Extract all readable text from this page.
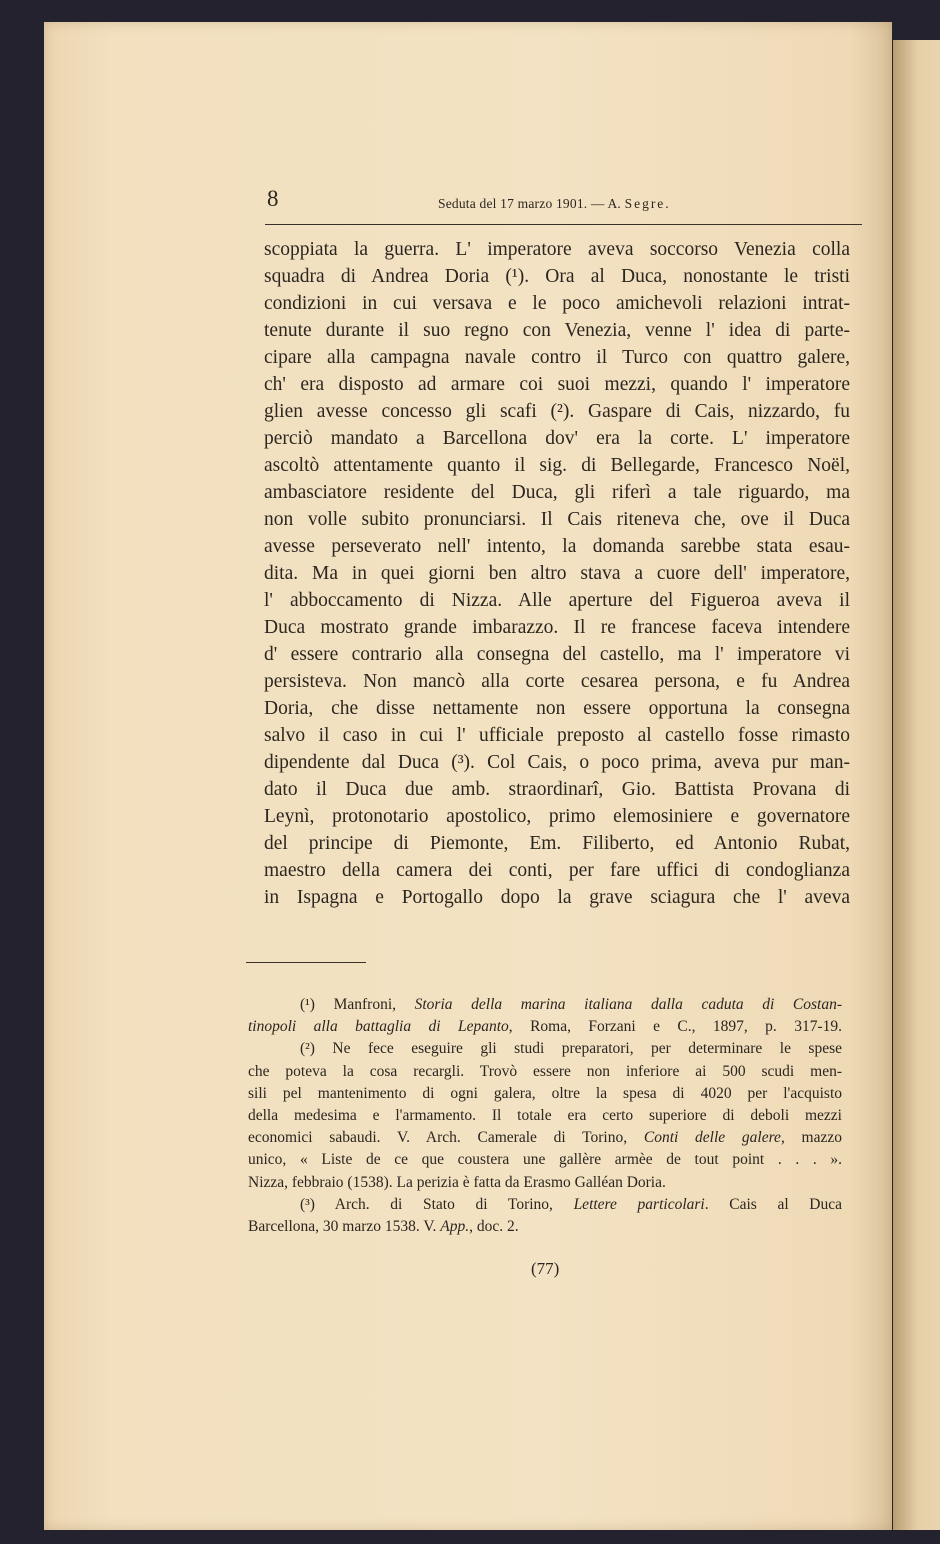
8	Seduta del 17 marzo 1901. — A. Segre.
scoppiata la guerra. L' imperatore aveva soccorso Venezia colla
squadra di Andrea Doria (¹). Ora al Duca, nonostante le tristi
condizioni in cui versava e le poco amichevoli relazioni intrat-
tenute durante il suo regno con Venezia, venne l' idea di parte-
cipare alla campagna navale contro il Turco con quattro galere,
ch' era disposto ad armare coi suoi mezzi, quando l' imperatore
glien avesse concesso gli scafi (²). Gaspare di Cais, nizzardo, fu
perciò mandato a Barcellona dov' era la corte. L' imperatore
ascoltò attentamente quanto il sig. di Bellegarde, Francesco Noël,
ambasciatore residente del Duca, gli riferì a tale riguardo, ma
non volle subito pronunciarsi. Il Cais riteneva che, ove il Duca
avesse perseverato nell' intento, la domanda sarebbe stata esau-
dita. Ma in quei giorni ben altro stava a cuore dell' imperatore,
l' abboccamento di Nizza. Alle aperture del Figueroa aveva il
Duca mostrato grande imbarazzo. Il re francese faceva intendere
d' essere contrario alla consegna del castello, ma l' imperatore vi
persisteva. Non mancò alla corte cesarea persona, e fu Andrea
Doria, che disse nettamente non essere opportuna la consegna
salvo il caso in cui l' ufficiale preposto al castello fosse rimasto
dipendente dal Duca (³). Col Cais, o poco prima, aveva pur man-
dato il Duca due amb. straordinarî, Gio. Battista Provana di
Leynì, protonotario apostolico, primo elemosiniere e governatore
del principe di Piemonte, Em. Filiberto, ed Antonio Rubat,
maestro della camera dei conti, per fare uffici di condoglianza
in Ispagna e Portogallo dopo la grave sciagura che l' aveva
(¹) Manfroni, Storia della marina italiana dalla caduta di Costan-
tinopoli alla battaglia di Lepanto, Roma, Forzani e C., 1897, p. 317-19.
(²) Ne fece eseguire gli studi preparatori, per determinare le spese
che poteva la cosa recargli. Trovò essere non inferiore ai 500 scudi men-
sili pel mantenimento di ogni galera, oltre la spesa di 4020 per l'acquisto
della medesima e l'armamento. Il totale era certo superiore di deboli mezzi
economici sabaudi. V. Arch. Camerale di Torino, Conti delle galere, mazzo
unico, « Liste de ce que coustera une gallère armèe de tout point . . . ».
Nizza, febbraio (1538). La perizia è fatta da Erasmo Galléan Doria.
(³) Arch. di Stato di Torino, Lettere particolari. Cais al Duca
Barcellona, 30 marzo 1538. V. App., doc. 2.
(77)
